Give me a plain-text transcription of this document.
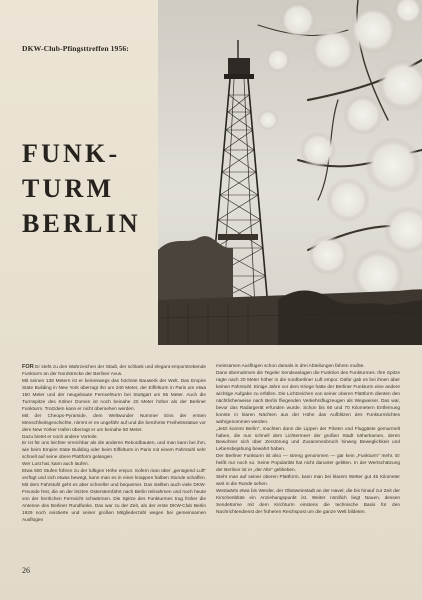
DKW-Club-Pfingsttreffen 1956:
FUNK-
TURM
BERLIN

FOR Er steht zu den Wahrzeichen der Stadt, der schlank und elegant emporstrebende Funkturm an der Nordstrecke der Berliner Avus.

Mit seinen 138 Metern ist er keineswegs das höchste Bauwerk der Welt. Das Empire State Building in New York überragt ihn um 240 Meter, der Eiffelturm in Paris um etwa 150 Meter und der neugebaute Fernsehturm bei Stuttgart um 65 Meter. Auch die Turmspitze des Kölner Domes ist noch beinahe 20 Meter höher als der Berliner Funkturm. Trotzdem kann er nicht übersehen werden.

Mit der Cheops-Pyramide, dem Weltwunder Nummer Eins der ersten Menschheitsgeschichte, nimmt er es ungefähr auf und die berühmte Freiheitsstatue vor dem New Yorker Hafen überragt er um beinahe 50 Meter.

Dazu bietet er noch andere Vorteile.

Er ist für uns leichter erreichbar als die anderen Rekordbauten, und man kann bei ihm, wie beim Empire State Building oder beim Eiffelturm in Paris mit einem Fahrstuhl sehr schnell auf seine obere Plattform gelangen.

Wer Lust hat, kann auch laufen.

Etwa 500 Stufen führen zu der luftigen Höhe empor. Sofern man über „genügend Luft“ verfügt und sich etwas bewegt, kann man es in einer knappen halben Stunde schaffen. Mit dem Fahrstuhl geht es aber schneller und bequemer. Das stellten auch viele DKW-Freunde fest, die an der letzten Ostersternfahrt nach Berlin teilnahmen und noch heute von der herrlichen Fernsicht schwärmen. Die Spitze des Funkturmes trug früher die Antenne des Berliner Rundfunks. Das war zu der Zeit, als der erste DKW-Club Berlin 1929 noch existierte und seiner großen Mitgliederzahl wegen bei gemeinsamen Ausflügen

meinsamen Ausflügen schon damals in drei Abteilungen fahren mußte.

Dann übernahmen die Tegeler Sendeanlagen die Funktion des Funkturmes. Ihre Spitze ragte nach 20 Meter höher in die nordberliner Luft empor. Dafür gab es bei ihnen aber keinen Fahrstuhl. Einige Jahre vor dem Kriege hatte der Berliner Funkturm eine andere wichtige Aufgabe zu erfüllen. Die Lichtzeichen von seiner oberen Plattform dienten den nächtlicherweise nach Berlin fliegenden Verkehrsflugzeugen als Wegweiser. Das war, bevor das Radargerät erfunden wurde. Schon bis 60 und 70 Kilometern Entfernung konnte in klaren Nächten aus der Höhe das Aufblitzen des Funkturmlichtes wahrgenommen werden.

„Jetzt kommt Berlin“, mochten dann die Lippen der Piloten und Fluggäste gemurmelt haben, die nun schnell dem Lichtermeer der großen Stadt näherkamen, deren Bewohner sich über Zerstörung und Zusammenbruch hinweg Beweglichkeit und Lebensbejahung bewahrt haben.

Der Berliner Funkturm ist also — streng genommen — gar kein „Funkturm“ mehr. Er heißt nur noch so. Seine Popularität hat nicht darunter gelitten. In der Wertschätzung der Berliner ist er „der Alte“ geblieben.

Steht man auf seiner oberen Plattform, kann man bei klarem Wetter gut 45 Kilometer weit in die Runde sehen.

Westwärts etwa bis Werder, der Obstweinstadt an der Havel, die bis hinauf zur Zeit der Kirschenblüte ein Anziehungspunkt ist. Weiter nördlich liegt Nauen, dessen Sendetürme mit dem Kirchturm einstens die technische Basis für den Nachrichtendienst der früheren Reichspost um die ganze Welt bildeten.

26
